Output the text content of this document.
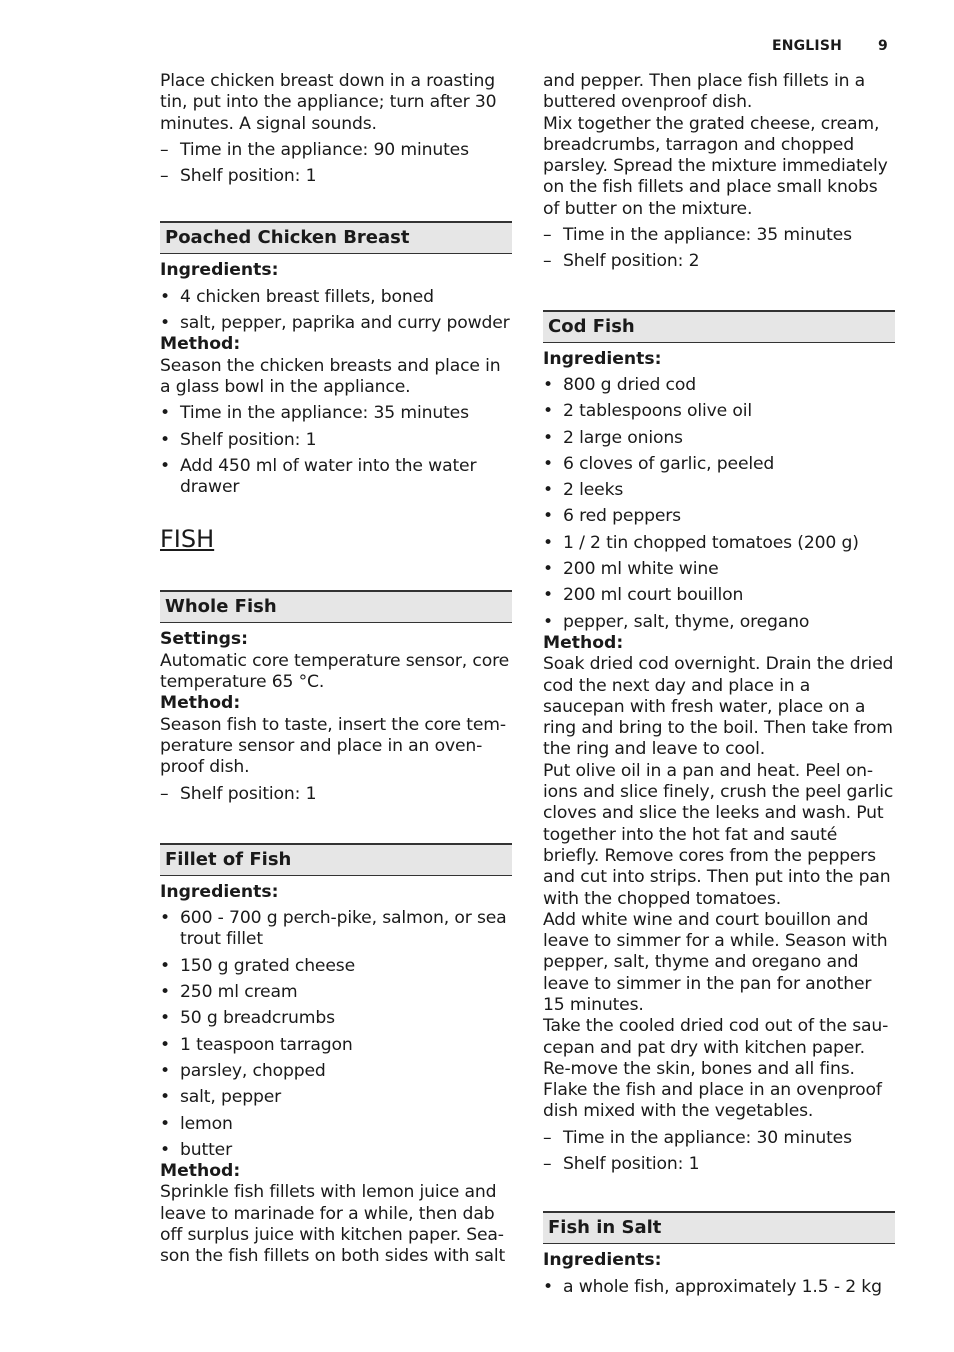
ENGLISH	9

Place chicken breast down in a roasting tin, put into the appliance; turn after 30 minutes. A signal sounds.

– Time in the appliance: 90 minutes
– Shelf position: 1
Poached Chicken Breast
Ingredients:
• 4 chicken breast fillets, boned
• salt, pepper, paprika and curry powder
Method:

Season the chicken breasts and place in a glass bowl in the appliance.

• Time in the appliance: 35 minutes
• Shelf position: 1
• Add 450 ml of water into the water drawer
FISH
Whole Fish
Settings:

Automatic core temperature sensor, core temperature 65 °C.

Method:

Season fish to taste, insert the core tem-perature sensor and place in an oven-proof dish.

– Shelf position: 1
Fillet of Fish
Ingredients:
• 600 - 700 g perch-pike, salmon, or sea trout fillet
• 150 g grated cheese
• 250 ml cream
• 50 g breadcrumbs
• 1 teaspoon tarragon
• parsley, chopped
• salt, pepper
• lemon
• butter
Method:

Sprinkle fish fillets with lemon juice and leave to marinade for a while, then dab off surplus juice with kitchen paper. Sea-son the fish fillets on both sides with salt

and pepper. Then place fish fillets in a buttered ovenproof dish.

Mix together the grated cheese, cream, breadcrumbs, tarragon and chopped parsley. Spread the mixture immediately on the fish fillets and place small knobs of butter on the mixture.

– Time in the appliance: 35 minutes
– Shelf position: 2
Cod Fish
Ingredients:
• 800 g dried cod
• 2 tablespoons olive oil
• 2 large onions
• 6 cloves of garlic, peeled
• 2 leeks
• 6 red peppers
• 1 / 2 tin chopped tomatoes (200 g)
• 200 ml white wine
• 200 ml court bouillon
• pepper, salt, thyme, oregano
Method:

Soak dried cod overnight. Drain the dried cod the next day and place in a saucepan with fresh water, place on a ring and bring to the boil. Then take from the ring and leave to cool.

Put olive oil in a pan and heat. Peel on-ions and slice finely, crush the peel garlic cloves and slice the leeks and wash. Put together into the hot fat and sauté briefly. Remove cores from the peppers and cut into strips. Then put into the pan with the chopped tomatoes.

Add white wine and court bouillon and leave to simmer for a while. Season with pepper, salt, thyme and oregano and leave to simmer in the pan for another 15 minutes.

Take the cooled dried cod out of the sau-cepan and pat dry with kitchen paper. Re-move the skin, bones and all fins. Flake the fish and place in an ovenproof dish mixed with the vegetables.

– Time in the appliance: 30 minutes
– Shelf position: 1
Fish in Salt
Ingredients:
• a whole fish, approximately 1.5 - 2 kg
